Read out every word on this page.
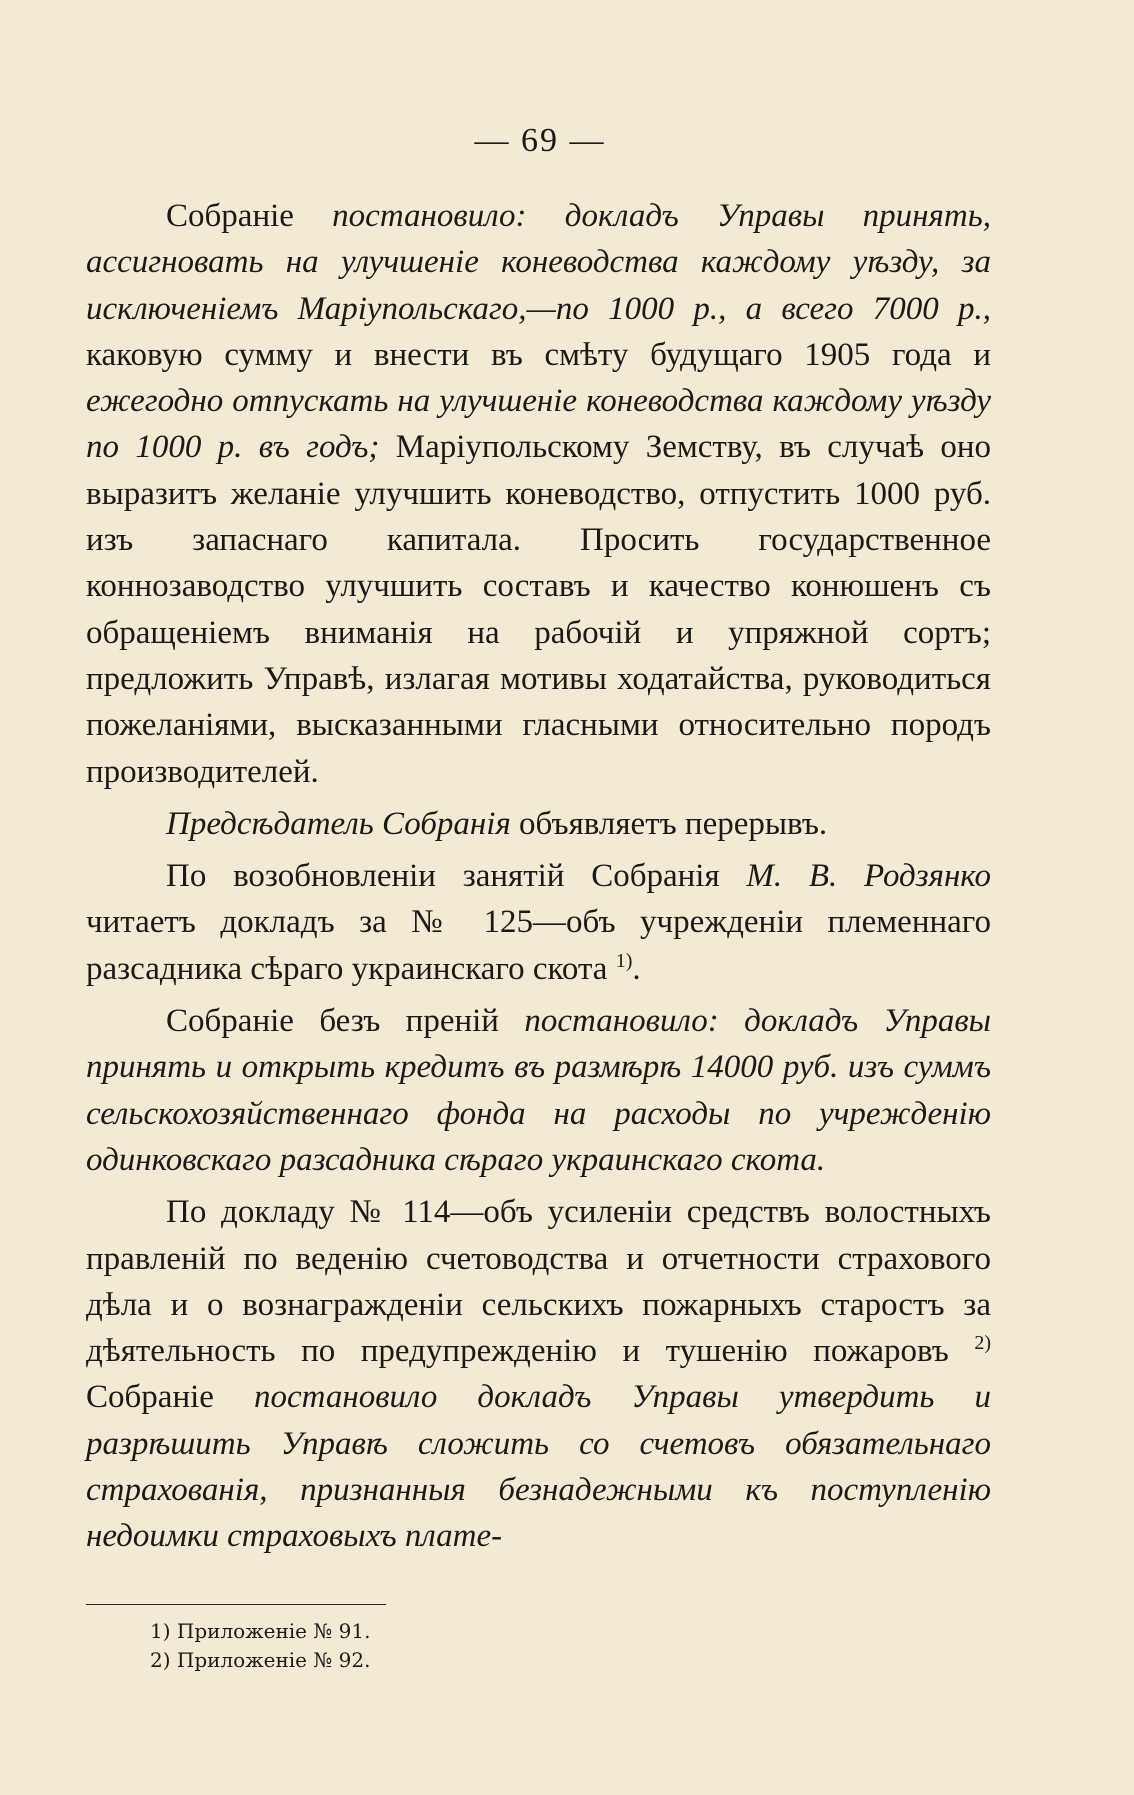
— 69 —

Собраніе постановило: докладъ Управы принять, ассигновать на улучшеніе коневодства каждому уѣзду, за исключеніемъ Маріупольскаго,—по 1000 р., а всего 7000 р., каковую сумму и внести въ смѣту будущаго 1905 года и ежегодно отпускать на улучшеніе коневодства каждому уѣзду по 1000 р. въ годъ; Маріупольскому Земству, въ случаѣ оно выразитъ желаніе улучшить коневодство, отпустить 1000 руб. изъ запаснаго капитала. Просить государственное коннозаводство улучшить составъ и качество конюшенъ съ обращеніемъ вниманія на рабочій и упряжной сортъ; предложить Управѣ, излагая мотивы ходатайства, руководиться пожеланіями, высказанными гласными относительно породъ производителей.

Предсѣдатель Собранія объявляетъ перерывъ.

По возобновленіи занятій Собранія М. В. Родзянко читаетъ докладъ за № 125—объ учрежденіи племеннаго разсадника сѣраго украинскаго скота $^{1)}$.

Собраніе безъ преній постановило: докладъ Управы принять и открыть кредитъ въ размѣрѣ 14000 руб. изъ суммъ сельскохозяйственнаго фонда на расходы по учрежденію одинковскаго разсадника сѣраго украинскаго скота.

По докладу № 114—объ усиленіи средствъ волостныхъ правленій по веденію счетоводства и отчетности страхового дѣла и о вознагражденіи сельскихъ пожарныхъ старостъ за дѣятельность по предупрежденію и тушенію пожаровъ $^{2)}$ Собраніе постановило докладъ Управы утвердить и разрѣшить Управѣ сложить со счетовъ обязательнаго страхованія, признанныя безнадежными къ поступленію недоимки страховыхъ плате-

1) Приложеніе № 91.
2) Приложеніе № 92.
